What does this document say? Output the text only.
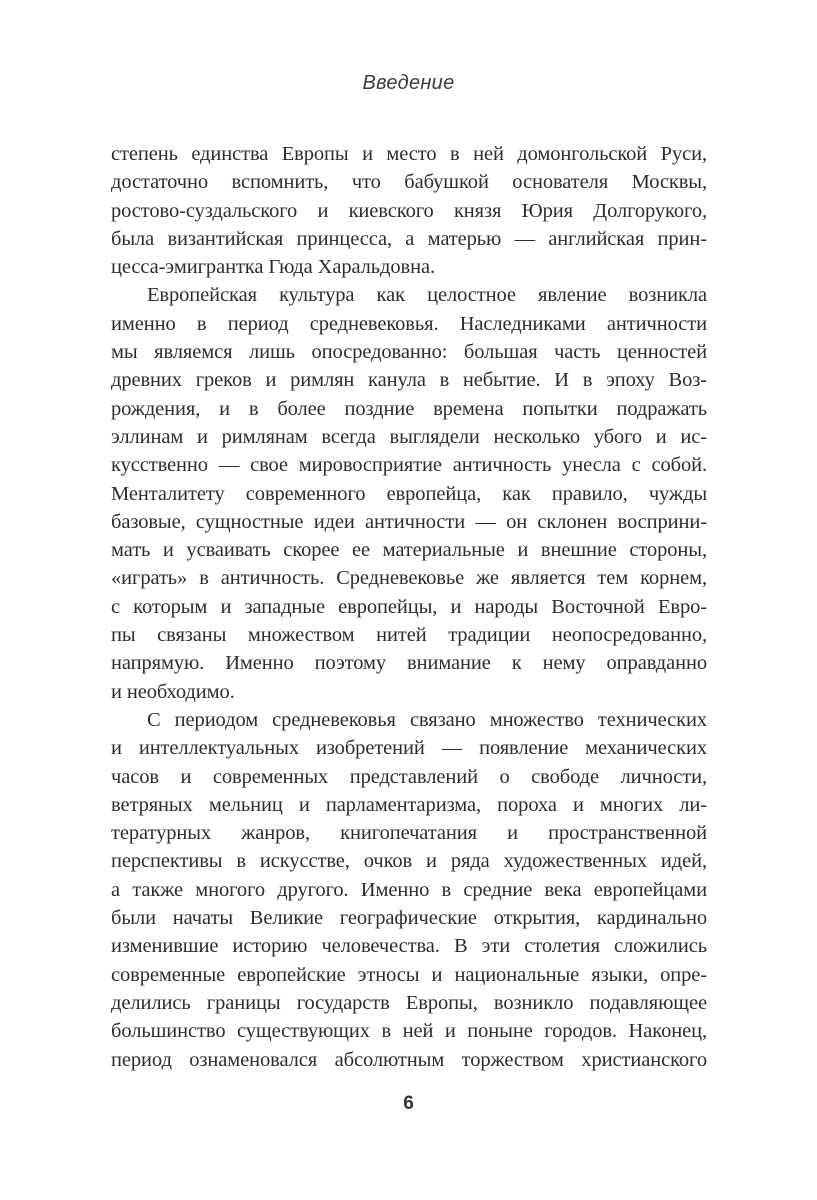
Введение
степень единства Европы и место в ней домонгольской Руси,
достаточно вспомнить, что бабушкой основателя Москвы,
ростово-суздальского и киевского князя Юрия Долгорукого,
была византийская принцесса, а матерью — английская прин-
цесса-эмигрантка Гюда Харальдовна.
Европейская культура как целостное явление возникла
именно в период средневековья. Наследниками античности
мы являемся лишь опосредованно: большая часть ценностей
древних греков и римлян канула в небытие. И в эпоху Воз-
рождения, и в более поздние времена попытки подражать
эллинам и римлянам всегда выглядели несколько убого и ис-
кусственно — свое мировосприятие античность унесла с собой.
Менталитету современного европейца, как правило, чужды
базовые, сущностные идеи античности — он склонен восприни-
мать и усваивать скорее ее материальные и внешние стороны,
«играть» в античность. Средневековье же является тем корнем,
с которым и западные европейцы, и народы Восточной Евро-
пы связаны множеством нитей традиции неопосредованно,
напрямую. Именно поэтому внимание к нему оправданно
и необходимо.
С периодом средневековья связано множество технических
и интеллектуальных изобретений — появление механических
часов и современных представлений о свободе личности,
ветряных мельниц и парламентаризма, пороха и многих ли-
тературных жанров, книгопечатания и пространственной
перспективы в искусстве, очков и ряда художественных идей,
а также многого другого. Именно в средние века европейцами
были начаты Великие географические открытия, кардинально
изменившие историю человечества. В эти столетия сложились
современные европейские этносы и национальные языки, опре-
делились границы государств Европы, возникло подавляющее
большинство существующих в ней и поныне городов. Наконец,
период ознаменовался абсолютным торжеством христианского
6
